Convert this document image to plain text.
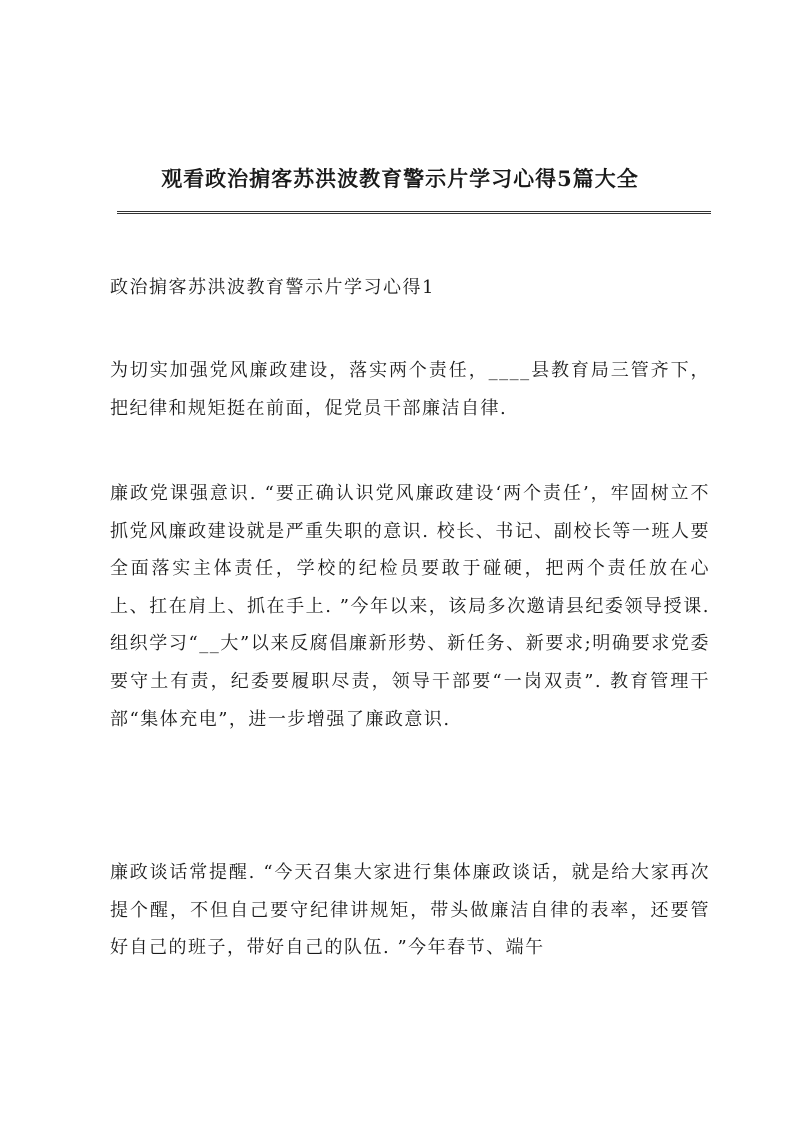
观看政治掮客苏洪波教育警示片学习心得5篇大全
政治掮客苏洪波教育警示片学习心得1

为切实加强党风廉政建设，落实两个责任，____县教育局三管齐下，把纪律和规矩挺在前面，促党员干部廉洁自律.

廉政党课强意识. “要正确认识党风廉政建设‘两个责任’，牢固树立不抓党风廉政建设就是严重失职的意识. 校长、书记、副校长等一班人要全面落实主体责任，学校的纪检员要敢于碰硬，把两个责任放在心上、扛在肩上、抓在手上. ”今年以来，该局多次邀请县纪委领导授课. 组织学习“__大”以来反腐倡廉新形势、新任务、新要求;明确要求党委要守土有责，纪委要履职尽责，领导干部要“一岗双责”. 教育管理干部“集体充电”，进一步增强了廉政意识.

廉政谈话常提醒. “今天召集大家进行集体廉政谈话，就是给大家再次提个醒，不但自己要守纪律讲规矩，带头做廉洁自律的表率，还要管好自己的班子，带好自己的队伍. ”今年春节、端午
